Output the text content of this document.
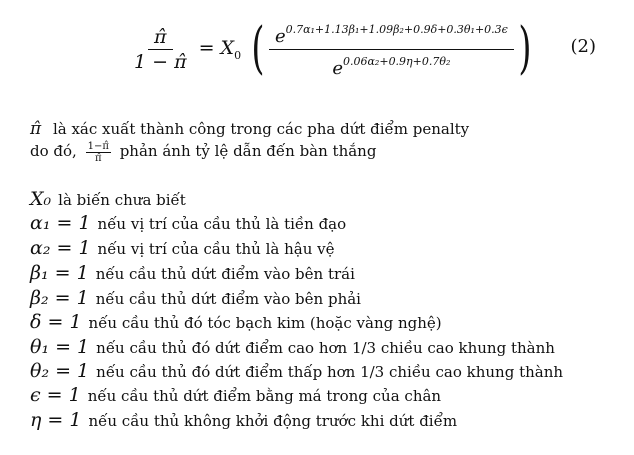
$\frac{\pî}{1 - \pî} = X_0$ ( $\frac{e^{0.7\alpha_1+1.13\beta_1+1.09\beta_2+0.9\delta+0.3\theta_1+0.3\epsilon}}{e^{0.06\alpha_2+0.9\eta+0.7\theta_2}}$ ) (2)
π̂ là xác xuất thành công trong các pha dứt điểm penalty
do đó, $\frac{1-\pî}{\pî}$ phản ánh tỷ lệ dẫn đến bàn thắng
X₀ là biến chưa biết
α₁ = 1 nếu vị trí của cầu thủ là tiền đạo
α₂ = 1 nếu vị trí của cầu thủ là hậu vệ
β₁ = 1 nếu cầu thủ dứt điểm vào bên trái
β₂ = 1 nếu cầu thủ dứt điểm vào bên phải
δ = 1 nếu cầu thủ đó tóc bạch kim (hoặc vàng nghệ)
θ₁ = 1 nếu cầu thủ đó dứt điểm cao hơn 1/3 chiều cao khung thành
θ₂ = 1 nếu cầu thủ đó dứt điểm thấp hơn 1/3 chiều cao khung thành
ϵ = 1 nếu cầu thủ dứt điểm bằng má trong của chân
η = 1 nếu cầu thủ không khởi động trước khi dứt điểm
